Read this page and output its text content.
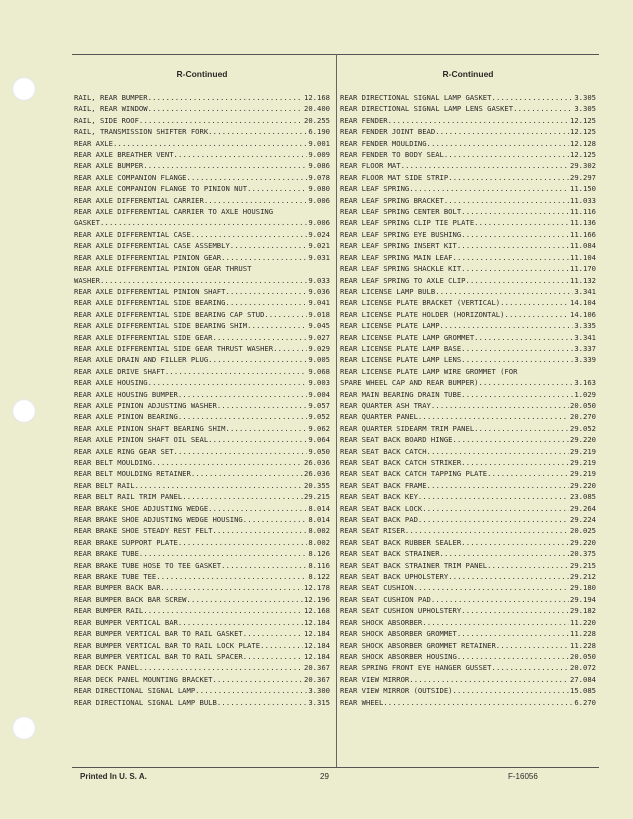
R-Continued
RAIL, REAR BUMPER .....	12.168
RAIL, REAR WINDOW .....	20.400
RAIL, SIDE ROOF .....	20.255
RAIL, TRANSMISSION SHIFTER FORK .....	6.190
REAR AXLE .....	9.001
REAR AXLE BREATHER VENT .....	9.009
REAR AXLE BUMPER .....	9.086
REAR AXLE COMPANION FLANGE .....	9.078
REAR AXLE COMPANION FLANGE TO PINION NUT .....	9.080
REAR AXLE DIFFERENTIAL CARRIER .....	9.006
REAR AXLE DIFFERENTIAL CARRIER TO AXLE HOUSING
GASKET .....	9.006
REAR AXLE DIFFERENTIAL CASE .....	9.024
REAR AXLE DIFFERENTIAL CASE ASSEMBLY .....	9.021
REAR AXLE DIFFERENTIAL PINION GEAR .....	9.031
REAR AXLE DIFFERENTIAL PINION GEAR THRUST
WASHER .....	9.033
REAR AXLE DIFFERENTIAL PINION SHAFT .....	9.036
REAR AXLE DIFFERENTIAL SIDE BEARING .....	9.041
REAR AXLE DIFFERENTIAL SIDE BEARING CAP STUD.. .....	9.018
REAR AXLE DIFFERENTIAL SIDE BEARING SHIM .....	9.045
REAR AXLE DIFFERENTIAL SIDE GEAR .....	9.027
REAR AXLE DIFFERENTIAL SIDE GEAR THRUST WASHER .....	9.029
REAR AXLE DRAIN AND FILLER PLUG .....	9.005
REAR AXLE DRIVE SHAFT .....	9.068
REAR AXLE HOUSING .....	9.003
REAR AXLE HOUSING BUMPER .....	9.004
REAR AXLE PINION ADJUSTING WASHER .....	9.057
REAR AXLE PINION BEARING .....	9.052
REAR AXLE PINION SHAFT BEARING SHIM .....	9.062
REAR AXLE PINION SHAFT OIL SEAL .....	9.064
REAR AXLE RING GEAR SET .....	9.050
REAR BELT MOULDING .....	26.036
REAR BELT MOULDING RETAINER .....	26.036
REAR BELT RAIL .....	20.355
REAR BELT RAIL TRIM PANEL .....	29.215
REAR BRAKE SHOE ADJUSTING WEDGE .....	8.014
REAR BRAKE SHOE ADJUSTING WEDGE HOUSING .....	8.014
REAR BRAKE SHOE STEADY REST FELT .....	8.002
REAR BRAKE SUPPORT PLATE .....	8.002
REAR BRAKE TUBE .....	8.126
REAR BRAKE TUBE HOSE TO TEE GASKET .....	8.116
REAR BRAKE TUBE TEE .....	8.122
REAR BUMPER BACK BAR .....	12.178
REAR BUMPER BACK BAR SCREW .....	12.196
REAR BUMPER RAIL .....	12.168
REAR BUMPER VERTICAL BAR .....	12.184
REAR BUMPER VERTICAL BAR TO RAIL GASKET .....	12.184
REAR BUMPER VERTICAL BAR TO RAIL LOCK PLATE .....	12.184
REAR BUMPER VERTICAL BAR TO RAIL SPACER .....	12.184
REAR DECK PANEL .....	20.367
REAR DECK PANEL MOUNTING BRACKET .....	20.367
REAR DIRECTIONAL SIGNAL LAMP .....	3.300
REAR DIRECTIONAL SIGNAL LAMP BULB .....	3.315
R-Continued
REAR DIRECTIONAL SIGNAL LAMP GASKET .....	3.305
REAR DIRECTIONAL SIGNAL LAMP LENS GASKET .....	3.305
REAR FENDER .....	12.125
REAR FENDER JOINT BEAD .....	12.125
REAR FENDER MOULDING .....	12.128
REAR FENDER TO BODY SEAL .....	12.125
REAR FLOOR MAT .....	29.302
REAR FLOOR MAT SIDE STRIP .....	29.297
REAR LEAF SPRING .....	11.150
REAR LEAF SPRING BRACKET .....	11.033
REAR LEAF SPRING CENTER BOLT .....	11.116
REAR LEAF SPRING CLIP TIE PLATE .....	11.136
REAR LEAF SPRING EYE BUSHING .....	11.166
REAR LEAF SPRING INSERT KIT .....	11.084
REAR LEAF SPRING MAIN LEAF .....	11.104
REAR LEAF SPRING SHACKLE KIT .....	11.170
REAR LEAF SPRING TO AXLE CLIP .....	11.132
REAR LICENSE LAMP BULB .....	3.341
REAR LICENSE PLATE BRACKET (VERTICAL) .....	14.104
REAR LICENSE PLATE HOLDER (HORIZONTAL) .....	14.106
REAR LICENSE PLATE LAMP .....	3.335
REAR LICENSE PLATE LAMP GROMMET .....	3.341
REAR LICENSE PLATE LAMP BASE .....	3.337
REAR LICENSE PLATE LAMP LENS .....	3.339
REAR LICENSE PLATE LAMP WIRE GROMMET (FOR
SPARE WHEEL CAP AND REAR BUMPER) .....	3.163
REAR MAIN BEARING DRAIN TUBE .....	1.029
REAR QUARTER ASH TRAY .....	20.050
REAR QUARTER PANEL .....	20.270
REAR QUARTER SIDEARM TRIM PANEL .....	29.052
REAR SEAT BACK BOARD HINGE .....	29.220
REAR SEAT BACK CATCH .....	29.219
REAR SEAT BACK CATCH STRIKER .....	29.219
REAR SEAT BACK CATCH TAPPING PLATE .....	29.219
REAR SEAT BACK FRAME .....	29.220
REAR SEAT BACK KEY .....	23.085
REAR SEAT BACK LOCK .....	29.264
REAR SEAT BACK PAD .....	29.224
REAR SEAT RISER .....	20.025
REAR SEAT BACK RUBBER SEALER .....	29.220
REAR SEAT BACK STRAINER .....	20.375
REAR SEAT BACK STRAINER TRIM PANEL .....	29.215
REAR SEAT BACK UPHOLSTERY .....	29.212
REAR SEAT CUSHION .....	29.180
REAR SEAT CUSHION PAD .....	29.194
REAR SEAT CUSHION UPHOLSTERY .....	29.182
REAR SHOCK ABSORBER .....	11.220
REAR SHOCK ABSORBER GROMMET .....	11.228
REAR SHOCK ABSORBER GROMMET RETAINER .....	11.228
REAR SHOCK ABSORBER HOUSING .....	20.050
REAR SPRING FRONT EYE HANGER GUSSET .....	20.072
REAR VIEW MIRROR .....	27.084
REAR VIEW MIRROR (OUTSIDE) .....	15.085
REAR WHEEL .....	6.270
Printed In U. S. A.	29	F-16056
